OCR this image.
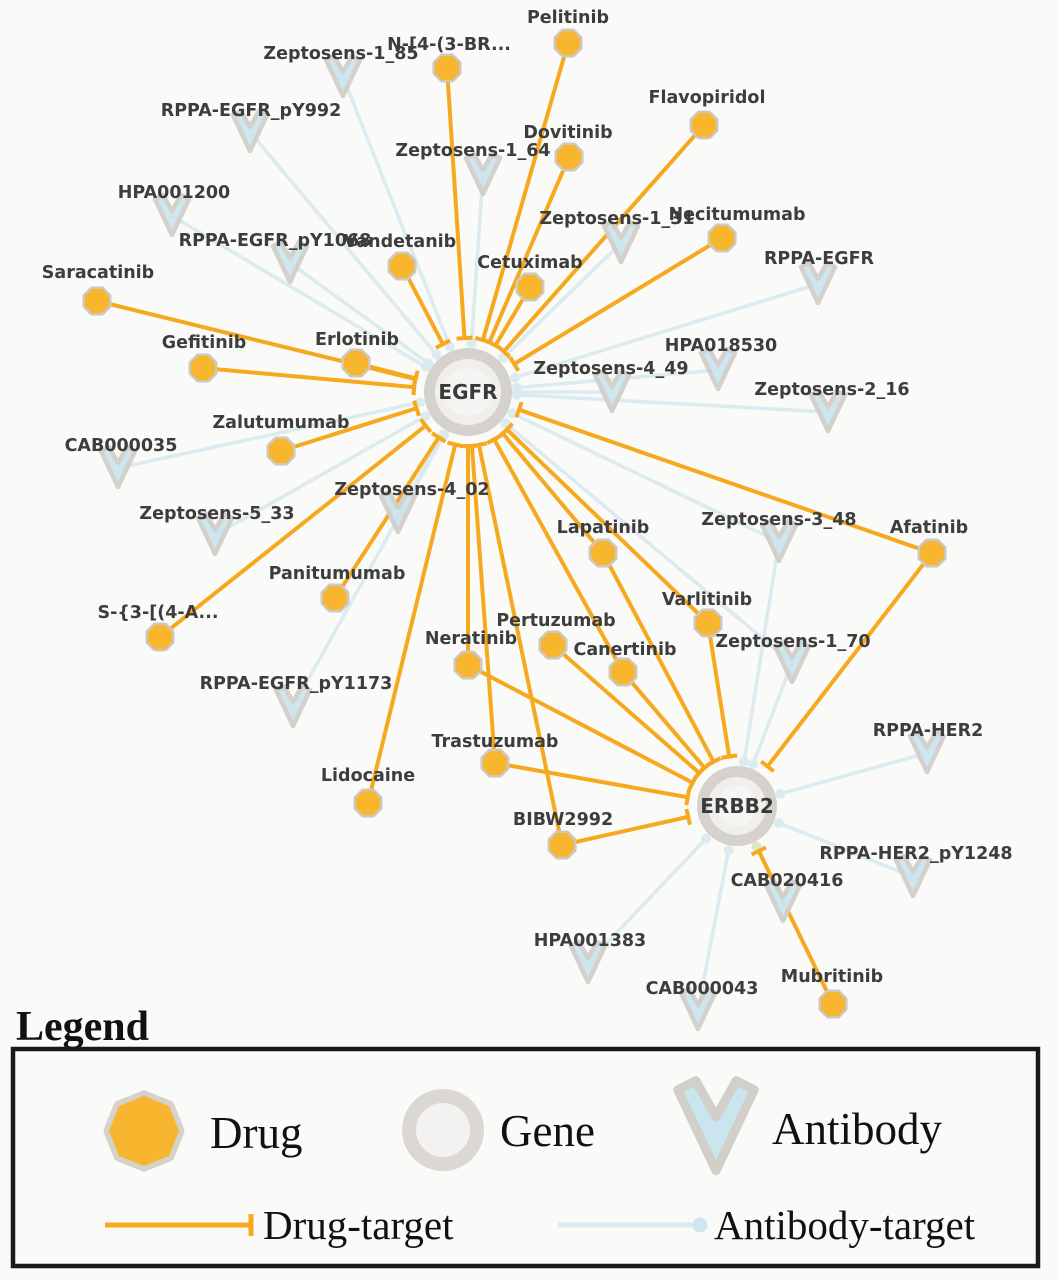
EGFR
ERBB2
Zeptosens-1_85
RPPA-EGFR_pY992
HPA001200
RPPA-EGFR_pY1068
Zeptosens-1_64
Zeptosens-1_31
RPPA-EGFR
Zeptosens-4_49
HPA018530
Zeptosens-2_16
CAB000035
Zeptosens-5_33
Zeptosens-4_02
Zeptosens-3_48
Zeptosens-1_70
RPPA-EGFR_pY1173
RPPA-HER2
RPPA-HER2_pY1248
CAB020416
HPA001383
CAB000043
Pelitinib
N-[4-(3-BR...
Flavopiridol
Dovitinib
Necitumumab
Vandetanib
Cetuximab
Saracatinib
Gefitinib	Erlotinib
Zalutumumab
S-{3-[(4-A...
Panitumumab
Lidocaine
Neratinib
Pertuzumab
Canertinib
Lapatinib
Varlitinib
Afatinib
Trastuzumab
BIBW2992
Mubritinib
Legend
Drug	Gene	Antibody
Drug-target	Antibody-target
